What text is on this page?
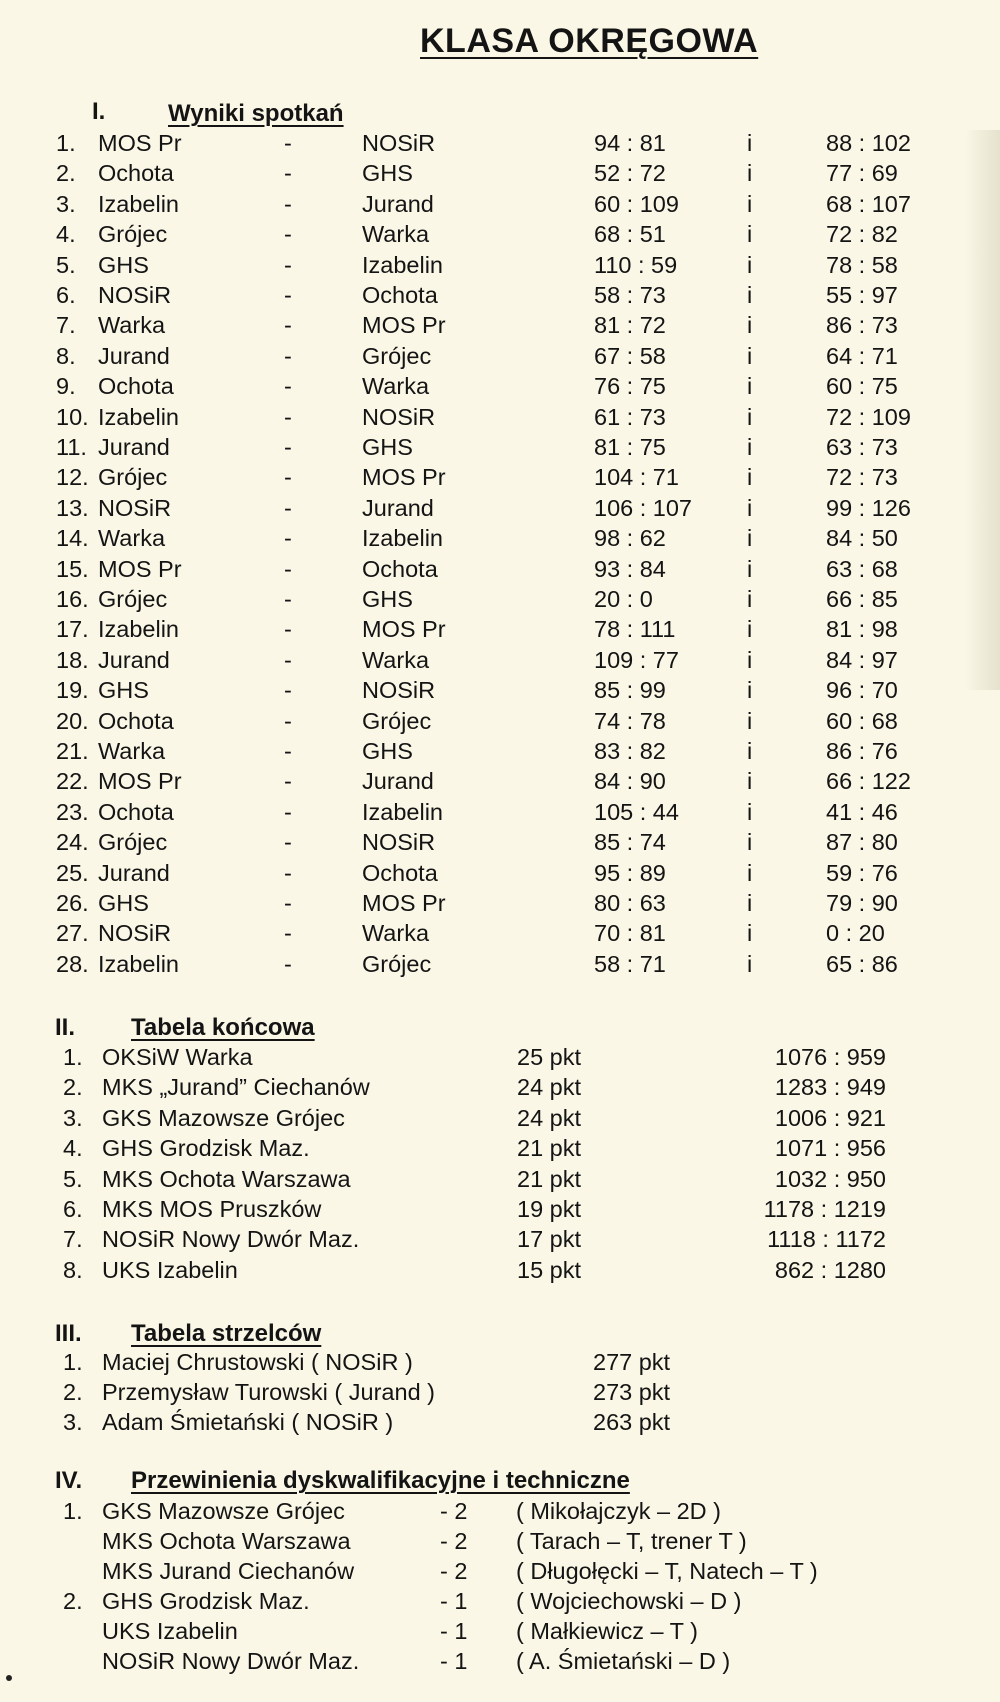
KLASA OKRĘGOWA
I.	Wyniki spotkań
1. MOS Pr	-	NOSiR	94 : 81	i	88 : 102
2. Ochota	-	GHS	52 : 72	i	77 : 69
3. Izabelin	-	Jurand	60 : 109	i	68 : 107
4. Grójec	-	Warka	68 : 51	i	72 : 82
5. GHS	-	Izabelin	110 : 59	i	78 : 58
6. NOSiR	-	Ochota	58 : 73	i	55 : 97
7. Warka	-	MOS Pr	81 : 72	i	86 : 73
8. Jurand	-	Grójec	67 : 58	i	64 : 71
9. Ochota	-	Warka	76 : 75	i	60 : 75
10. Izabelin	-	NOSiR	61 : 73	i	72 : 109
11. Jurand	-	GHS	81 : 75	i	63 : 73
12. Grójec	-	MOS Pr	104 : 71	i	72 : 73
13. NOSiR	-	Jurand	106 : 107 i	99 : 126
14. Warka	-	Izabelin	98 : 62	i	84 : 50
15. MOS Pr	-	Ochota	93 : 84	i	63 : 68
16. Grójec	-	GHS	20 : 0	i	66 : 85
17. Izabelin	-	MOS Pr	78 : 111	i	81 : 98
18. Jurand	-	Warka	109 : 77	i	84 : 97
19. GHS	-	NOSiR	85 : 99	i	96 : 70
20. Ochota	-	Grójec	74 : 78	i	60 : 68
21. Warka	-	GHS	83 : 82	i	86 : 76
22. MOS Pr	-	Jurand	84 : 90	i	66 : 122
23. Ochota	-	Izabelin	105 : 44	i	41 : 46
24. Grójec	-	NOSiR	85 : 74	i	87 : 80
25. Jurand	-	Ochota	95 : 89	i	59 : 76
26. GHS	-	MOS Pr	80 : 63	i	79 : 90
27. NOSiR	-	Warka	70 : 81	i	0 : 20
28. Izabelin	-	Grójec	58 : 71	i	65 : 86
II. Tabela końcowa
1. OKSiW Warka	25 pkt	1076 : 959
2. MKS „Jurand” Ciechanów	24 pkt	1283 : 949
3. GKS Mazowsze Grójec	24 pkt	1006 : 921
4. GHS Grodzisk Maz.	21 pkt	1071 : 956
5. MKS Ochota Warszawa	21 pkt	1032 : 950
6. MKS MOS Pruszków	19 pkt	1178 : 1219
7. NOSiR Nowy Dwór Maz.	17 pkt	1118 : 1172
8. UKS Izabelin	15 pkt	862 : 1280
III. Tabela strzelców
1. Maciej Chrustowski ( NOSiR )	277 pkt
2. Przemysław Turowski ( Jurand )	273 pkt
3. Adam Śmietański ( NOSiR )	263 pkt
IV. Przewinienia dyskwalifikacyjne i techniczne
1. GKS Mazowsze Grójec	- 2 ( Mikołajczyk – 2D )
MKS Ochota Warszawa	- 2 ( Tarach – T, trener T )
MKS Jurand Ciechanów	- 2 ( Długołęcki – T, Natech – T )
2. GHS Grodzisk Maz.	- 1 ( Wojciechowski – D )
UKS Izabelin	- 1 ( Małkiewicz – T )
NOSiR Nowy Dwór Maz.	- 1 ( A. Śmietański – D )
